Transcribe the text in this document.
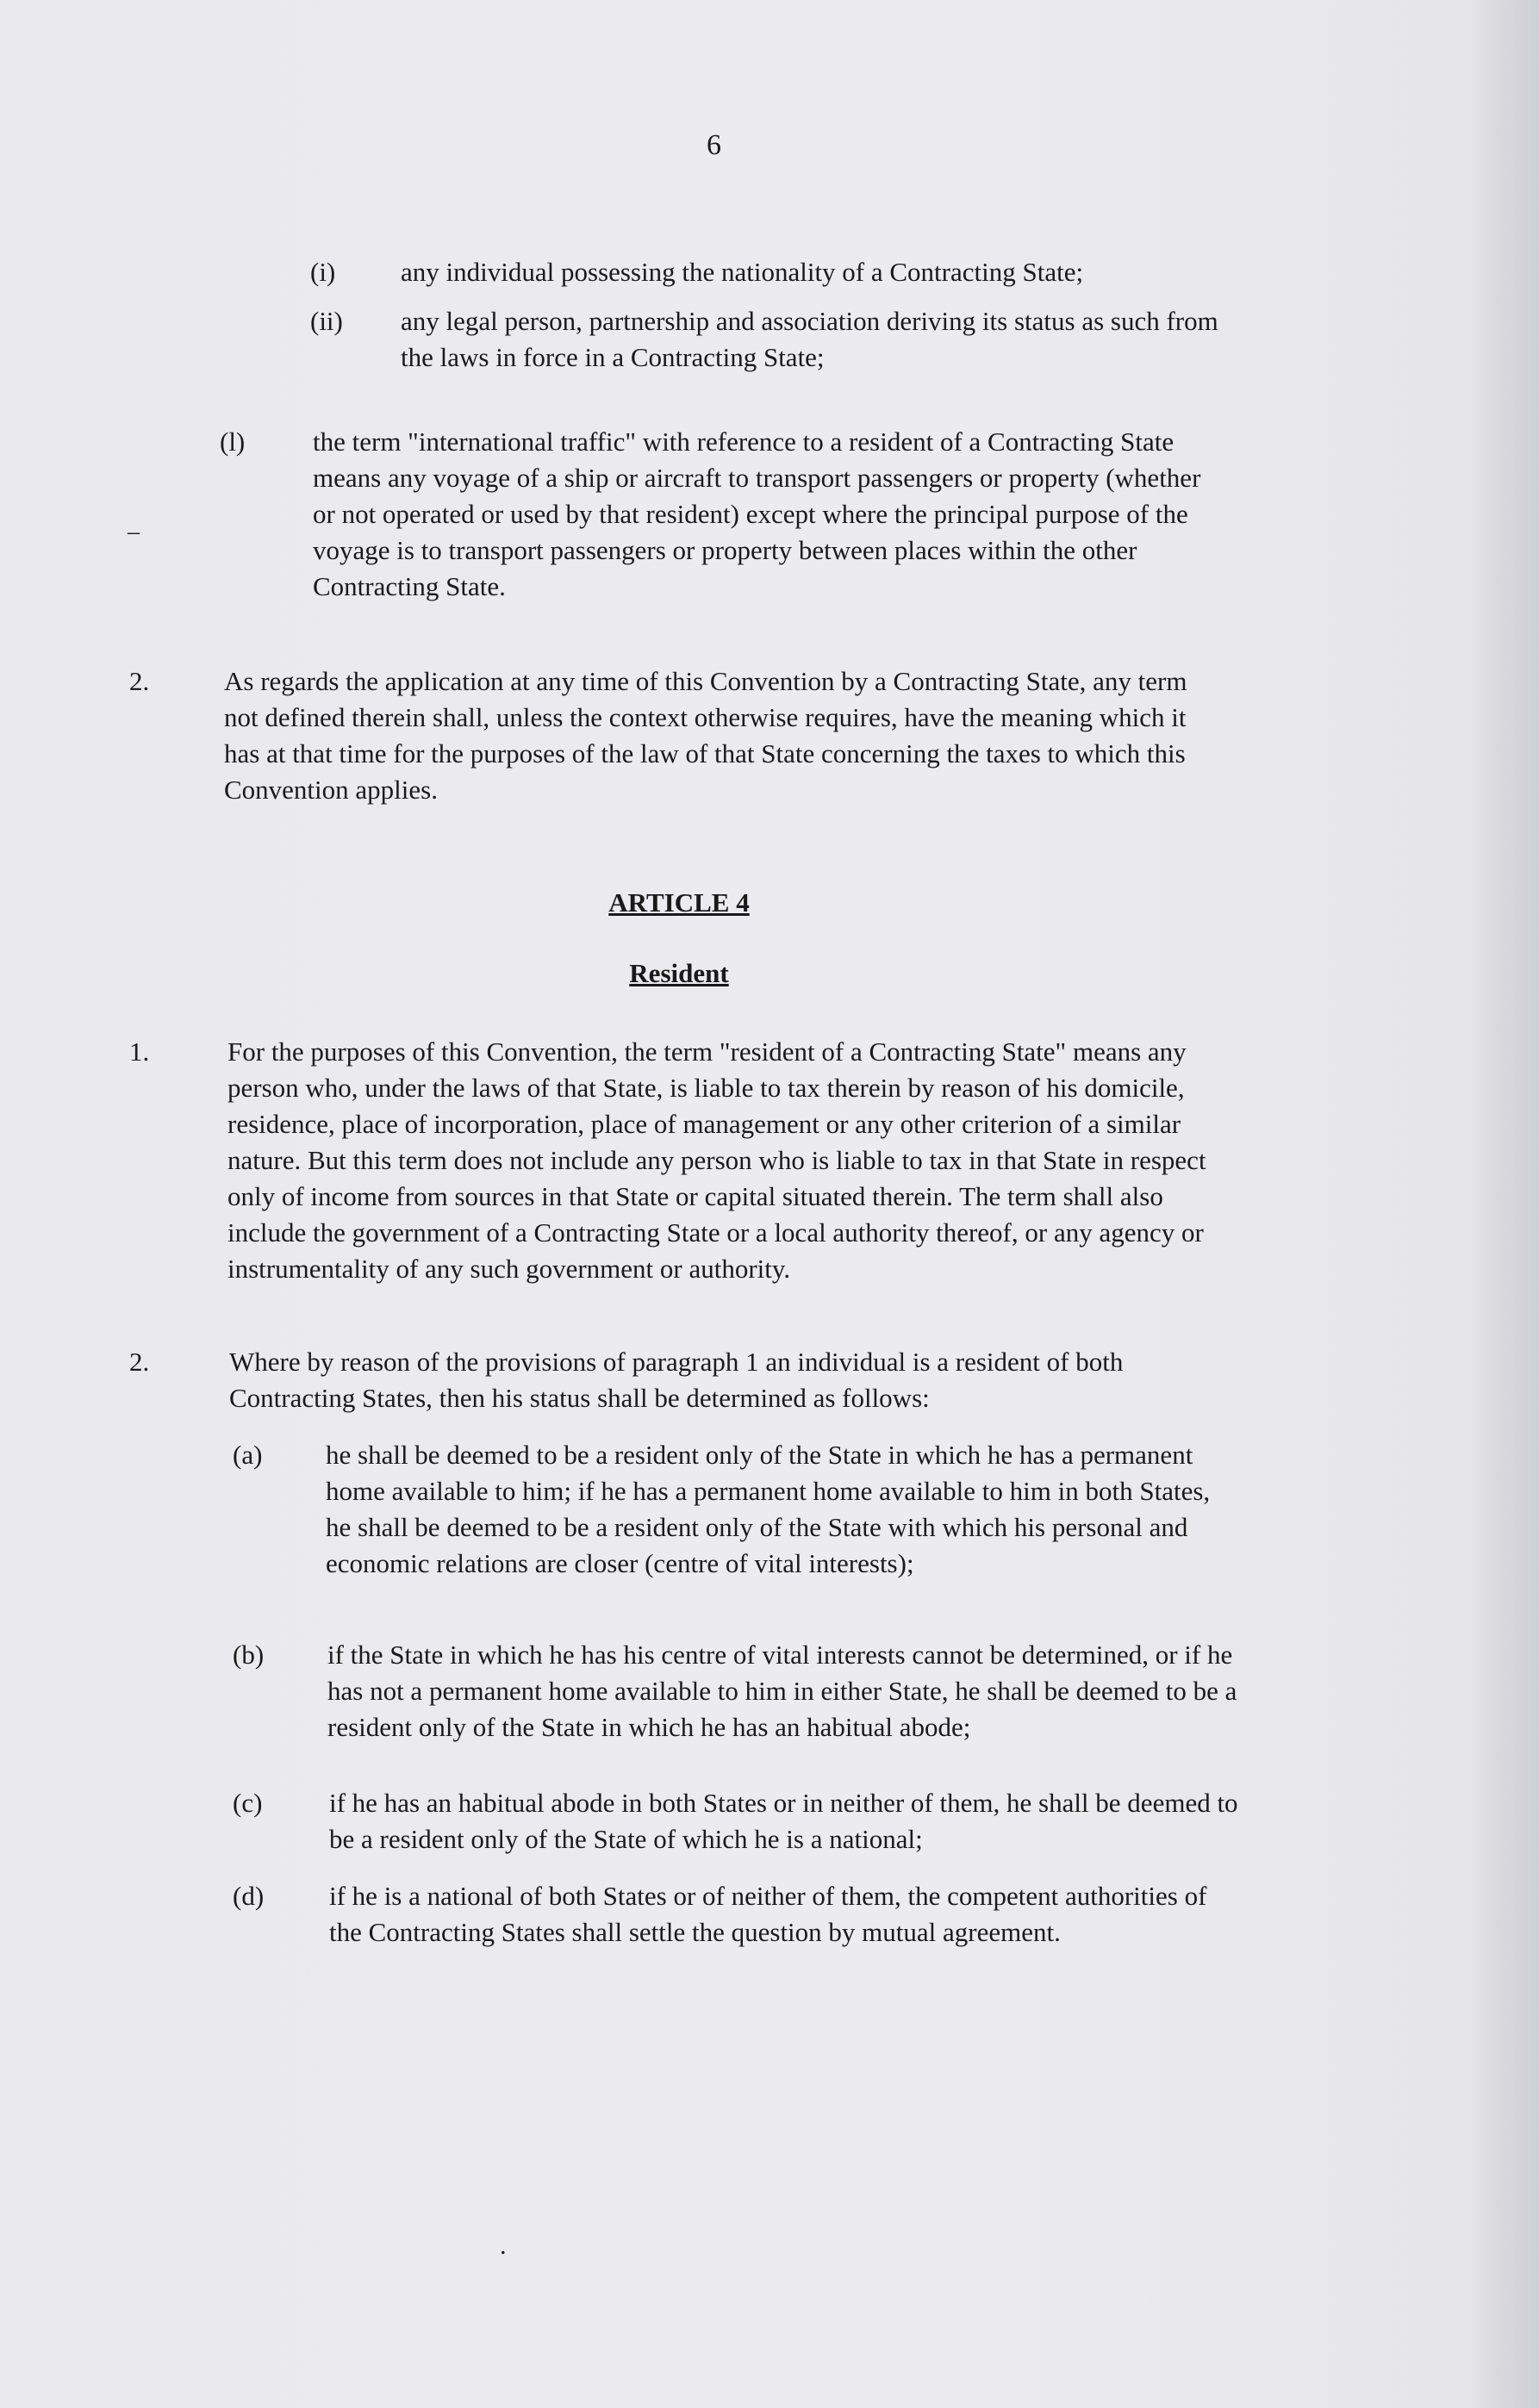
6
(i) any individual possessing the nationality of a Contracting State;
(ii) any legal person, partnership and association deriving its status as such from the laws in force in a Contracting State;
(l)	the term "international traffic" with reference to a resident of a Contracting State means any voyage of a ship or aircraft to transport passengers or property (whether or not operated or used by that resident) except where the principal purpose of the voyage is to transport passengers or property between places within the other Contracting State.
–
2.	As regards the application at any time of this Convention by a Contracting State, any term not defined therein shall, unless the context otherwise requires, have the meaning which it has at that time for the purposes of the law of that State concerning the taxes to which this Convention applies.
ARTICLE 4
Resident
1.	For the purposes of this Convention, the term "resident of a Contracting State" means any person who, under the laws of that State, is liable to tax therein by reason of his domicile, residence, place of incorporation, place of management or any other criterion of a similar nature. But this term does not include any person who is liable to tax in that State in respect only of income from sources in that State or capital situated therein. The term shall also include the government of a Contracting State or a local authority thereof, or any agency or instrumentality of any such government or authority.
2.	Where by reason of the provisions of paragraph 1 an individual is a resident of both Contracting States, then his status shall be determined as follows:
(a) he shall be deemed to be a resident only of the State in which he has a permanent home available to him; if he has a permanent home available to him in both States, he shall be deemed to be a resident only of the State with which his personal and economic relations are closer (centre of vital interests);
(b) if the State in which he has his centre of vital interests cannot be determined, or if he has not a permanent home available to him in either State, he shall be deemed to be a resident only of the State in which he has an habitual abode;
(c)	if he has an habitual abode in both States or in neither of them, he shall be deemed to be a resident only of the State of which he is a national;
(d) if he is a national of both States or of neither of them, the competent authorities of the Contracting States shall settle the question by mutual agreement.
.
